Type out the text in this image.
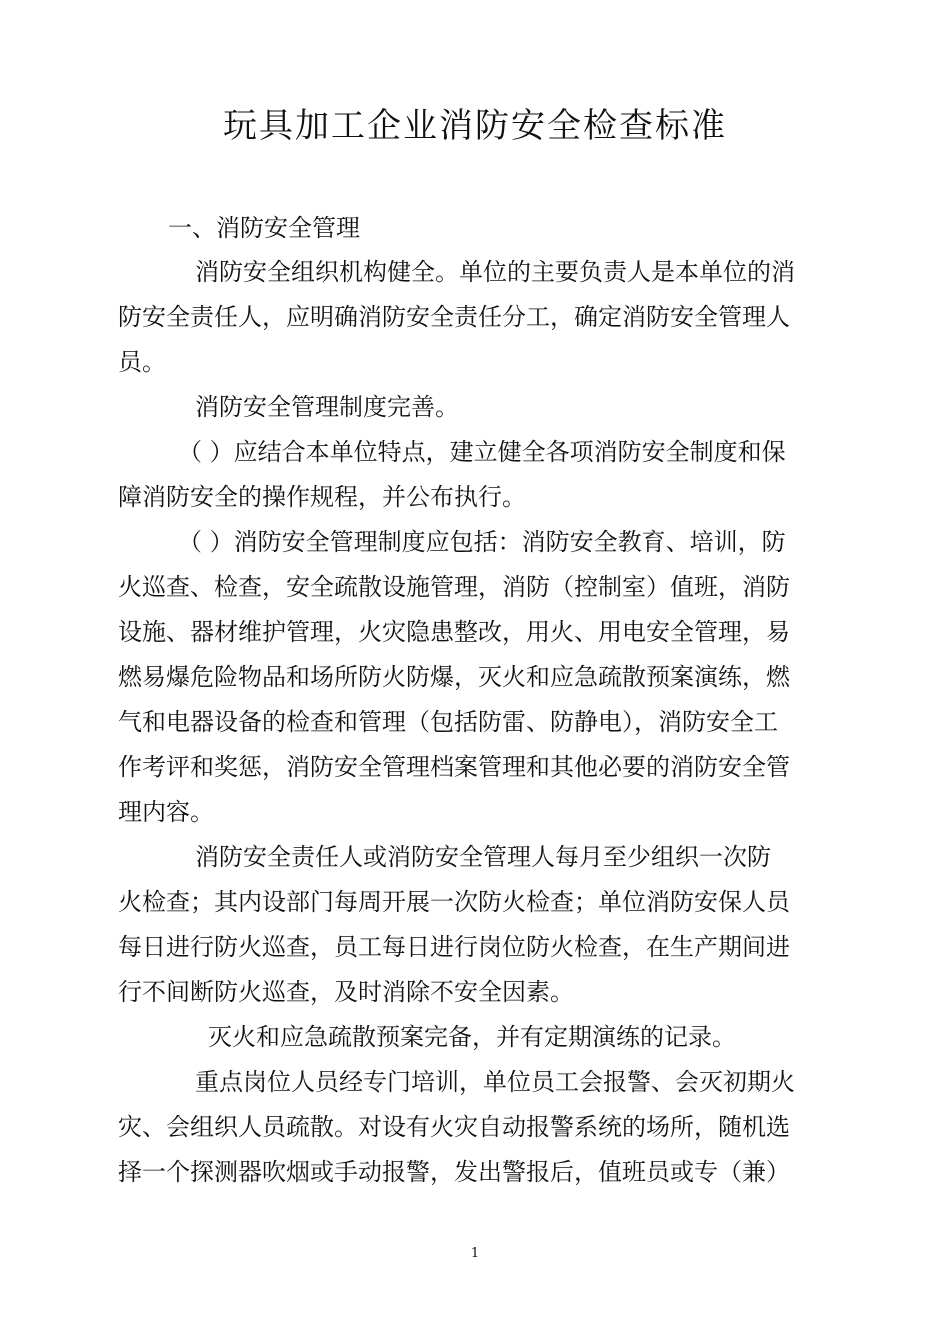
玩具加工企业消防安全检查标准
一、消防安全管理
消防安全组织机构健全。单位的主要负责人是本单位的消
防安全责任人，应明确消防安全责任分工，确定消防安全管理人
员。
消防安全管理制度完善。
（ ）应结合本单位特点，建立健全各项消防安全制度和保
障消防安全的操作规程，并公布执行。
（ ）消防安全管理制度应包括：消防安全教育、培训，防
火巡查、检查，安全疏散设施管理，消防（控制室）值班，消防
设施、器材维护管理，火灾隐患整改，用火、用电安全管理，易
燃易爆危险物品和场所防火防爆，灭火和应急疏散预案演练，燃
气和电器设备的检查和管理（包括防雷、防静电），消防安全工
作考评和奖惩，消防安全管理档案管理和其他必要的消防安全管
理内容。
消防安全责任人或消防安全管理人每月至少组织一次防
火检查；其内设部门每周开展一次防火检查；单位消防安保人员
每日进行防火巡查，员工每日进行岗位防火检查，在生产期间进
行不间断防火巡查，及时消除不安全因素。
灭火和应急疏散预案完备，并有定期演练的记录。
重点岗位人员经专门培训，单位员工会报警、会灭初期火
灾、会组织人员疏散。对设有火灾自动报警系统的场所，随机选
择一个探测器吹烟或手动报警，发出警报后，值班员或专（兼）
1
